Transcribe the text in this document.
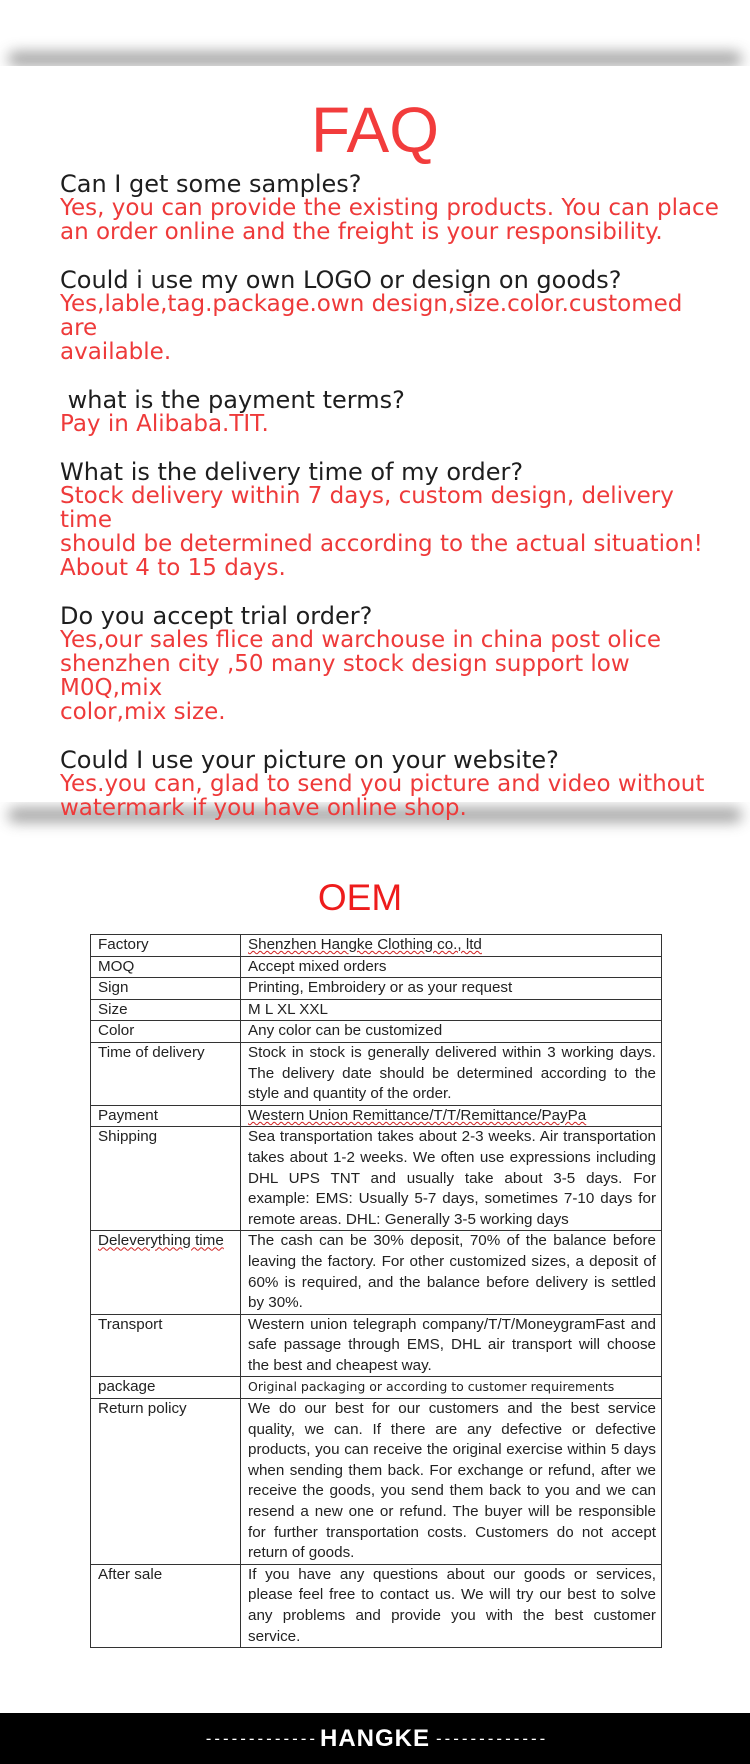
FAQ

Can I get some samples?

Yes, you can provide the existing products. You can place
an order online and the freight is your responsibility.

Could i use my own LOGO or design on goods?

Yes,lable,tag.package.own design,size.color.customed are
available.

what is the payment terms?

Pay in Alibaba.TIT.

What is the delivery time of my order?

Stock delivery within 7 days, custom design, delivery time
should be determined according to the actual situation!
About 4 to 15 days.

Do you accept trial order?

Yes,our sales flice and warchouse in china post olice
shenzhen city ,50 many stock design support low M0Q,mix
color,mix size.

Could I use your picture on your website?

Yes.you can, glad to send you picture and video without
watermark if you have online shop.

OEM
Factory	Shenzhen Hangke Clothing co., ltd
MOQ	Accept mixed orders
Sign	Printing, Embroidery or as your request
Size	M L XL XXL
Color	Any color can be customized
Time of delivery	Stock in stock is generally delivered within 3 working days. The delivery date should be determined according to the style and quantity of the order.
Payment	Western Union Remittance/T/T/Remittance/PayPa
Shipping	Sea transportation takes about 2-3 weeks. Air transportation takes about 1-2 weeks. We often use expressions including DHL UPS TNT and usually take about 3-5 days. For example: EMS: Usually 5-7 days, sometimes 7-10 days for remote areas. DHL: Generally 3-5 working days
Deleverything time	The cash can be 30% deposit, 70% of the balance before leaving the factory. For other customized sizes, a deposit of 60% is required, and the balance before delivery is settled by 30%.
Transport	Western union telegraph company/T/T/MoneygramFast and safe passage through EMS, DHL air transport will choose the best and cheapest way.
package	Original packaging or according to customer requirements
Return policy	We do our best for our customers and the best service quality, we can. If there are any defective or defective products, you can receive the original exercise within 5 days when sending them back. For exchange or refund, after we receive the goods, you send them back to you and we can resend a new one or refund. The buyer will be responsible for further transportation costs. Customers do not accept return of goods.
After sale	If you have any questions about our goods or services, please feel free to contact us. We will try our best to solve any problems and provide you with the best customer service.
------------- HANGKE -------------
